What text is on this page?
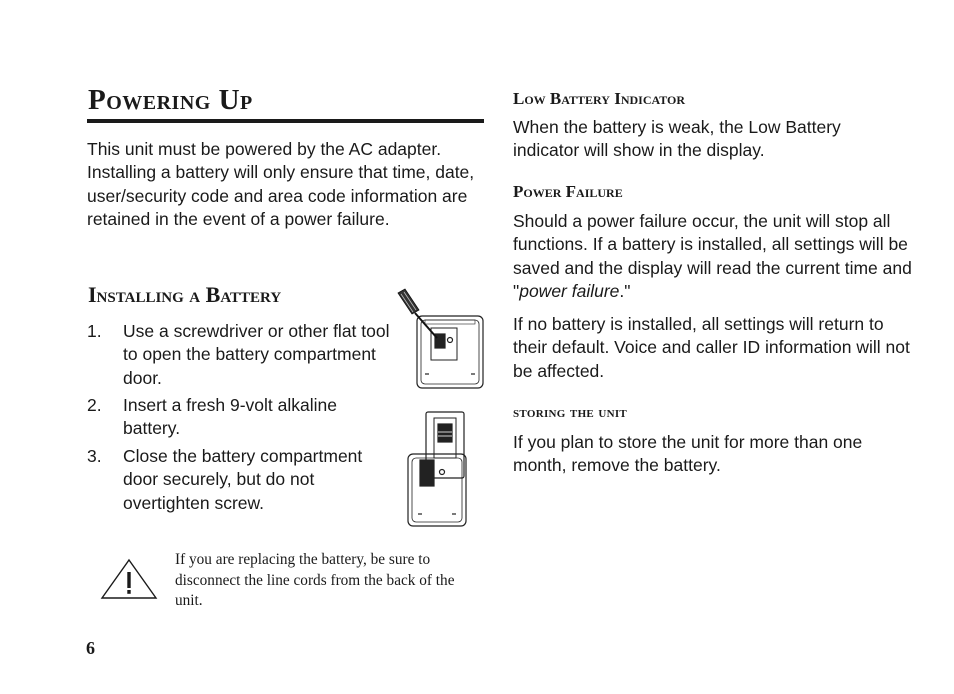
Powering Up

This unit must be powered by the AC adapter. Installing a battery will only ensure that time, date, user/security code and area code information are retained in the event of a power failure.

Installing a Battery
1. Use a screwdriver or other flat tool to open the battery compartment door.
2. Insert a fresh 9-volt alkaline battery.
3. Close the battery compartment door securely, but do not overtighten screw.
If you are replacing the battery, be sure to disconnect the line cords from the back of the unit.
6
Low Battery Indicator

When the battery is weak, the Low Battery indicator will show in the display.

Power Failure

Should a power failure occur, the unit will stop all functions. If a battery is installed, all settings will be saved and the display will read the current time and "power failure."

If no battery is installed, all settings will return to their default. Voice and caller ID information will not be affected.

storing the unit

If you plan to store the unit for more than one month, remove the battery.
